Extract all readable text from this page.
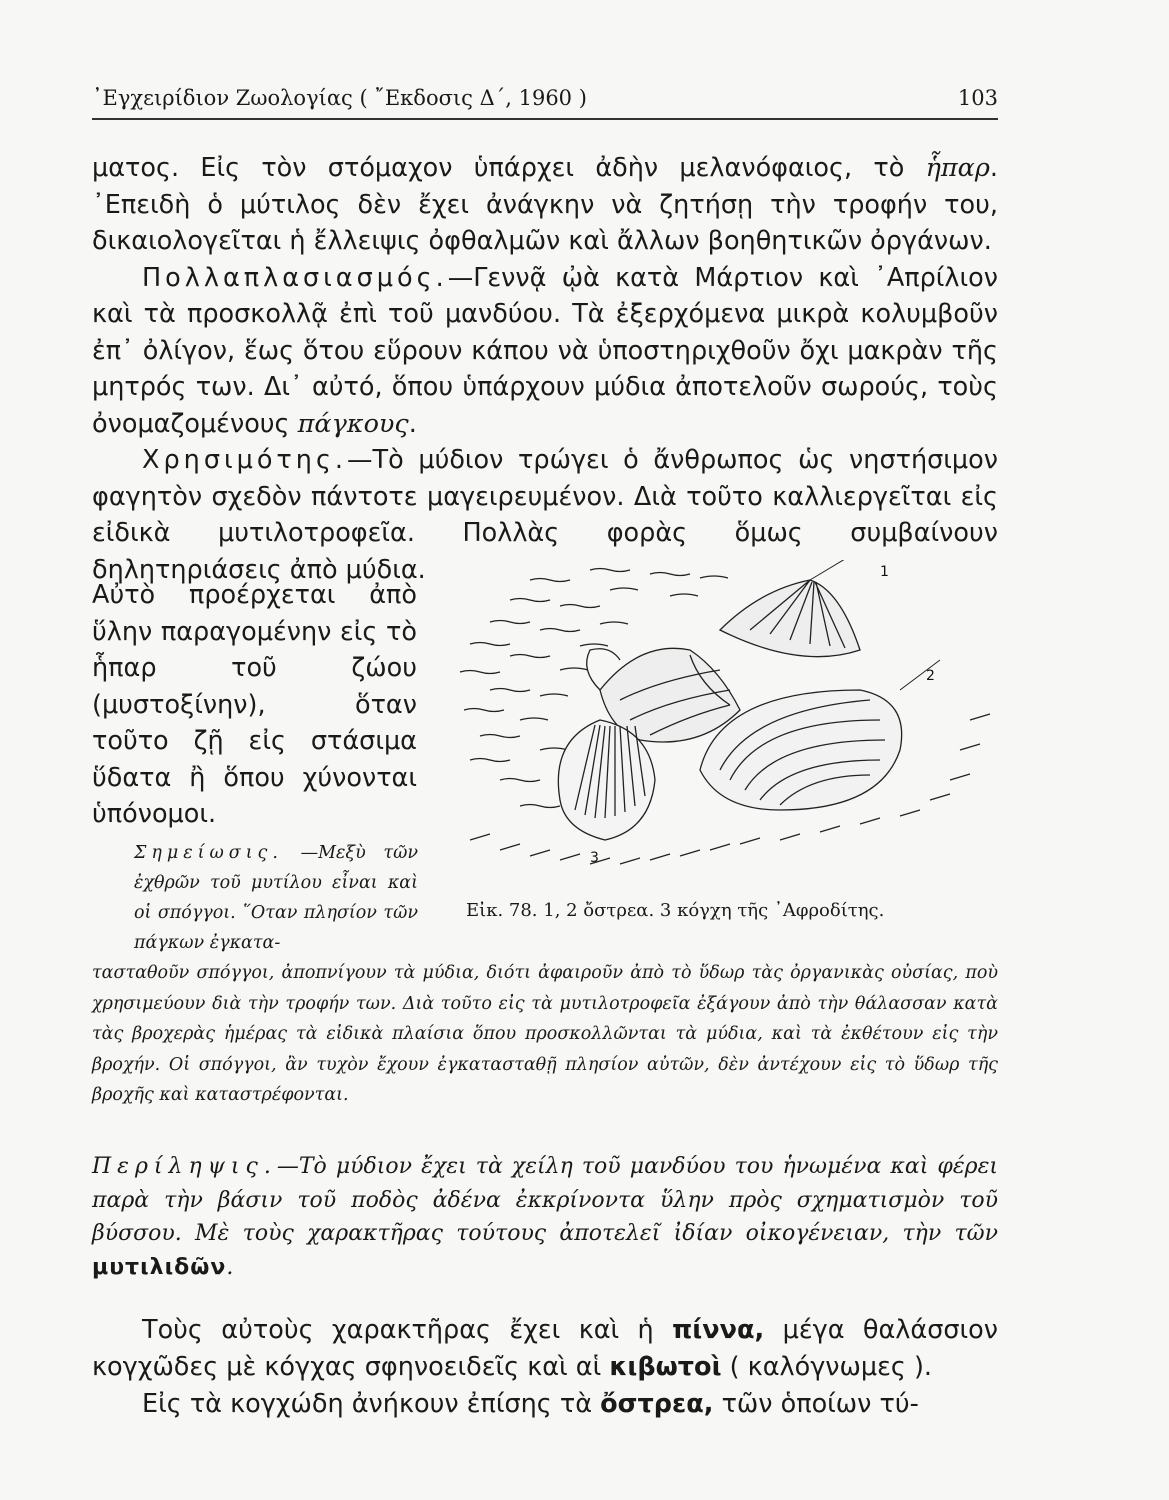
᾿Εγχειρίδιον Ζωολογίας ( ῎Εκδοσις Δ΄, 1960 )	103

ματος. Εἰς τὸν στόμαχον ὑπάρχει ἀδὴν μελανόφαιος, τὸ ἧπαρ. ᾿Επειδὴ ὁ μύτιλος δὲν ἔχει ἀνάγκην νὰ ζητήσῃ τὴν τροφήν του, δικαιολογεῖται ἡ ἔλλειψις ὀφθαλμῶν καὶ ἄλλων βοηθητικῶν ὀργάνων.

Πολλαπλασιασμός.—Γεννᾷ ᾠὰ κατὰ Μάρτιον καὶ ᾿Απρίλιον καὶ τὰ προσκολλᾷ ἐπὶ τοῦ μανδύου. Τὰ ἐξερχόμενα μικρὰ κολυμβοῦν ἐπ᾿ ὀλίγον, ἕως ὅτου εὕρουν κάπου νὰ ὑποστηριχθοῦν ὄχι μακρὰν τῆς μητρός των. Δι᾿ αὐτό, ὅπου ὑπάρχουν μύδια ἀποτελοῦν σωρούς, τοὺς ὀνομαζομένους πάγκους.

Χρησιμότης.—Τὸ μύδιον τρώγει ὁ ἄνθρωπος ὡς νηστήσιμον φαγητὸν σχεδὸν πάντοτε μαγειρευμένον. Διὰ τοῦτο καλλιεργεῖται εἰς εἰδικὰ μυτιλοτροφεῖα. Πολλὰς φορὰς ὅμως συμβαίνουν δηλητηριάσεις ἀπὸ μύδια.

Αὐτὸ προέρχεται ἀπὸ ὕλην παραγομένην εἰς τὸ ἧπαρ τοῦ ζώου (μυστοξίνην), ὅταν τοῦτο ζῇ εἰς στάσιμα ὕδατα ἢ ὅπου χύνονται ὑπόνομοι.

Σημείωσις. —Μεξὺ τῶν ἐχθρῶν τοῦ μυτίλου εἶναι καὶ οἱ σπόγγοι. ῞Οταν πλησίον τῶν πάγκων ἐγκατα-
τασταθοῦν σπόγγοι, ἀποπνίγουν τὰ μύδια, διότι ἀφαιροῦν ἀπὸ τὸ ὕδωρ τὰς ὀργανικὰς οὐσίας, ποὺ χρησιμεύουν διὰ τὴν τροφήν των. Διὰ τοῦτο εἰς τὰ μυτιλοτροφεῖα ἐξάγουν ἀπὸ τὴν θάλασσαν κατὰ τὰς βροχερὰς ἡμέρας τὰ εἰδικὰ πλαίσια ὅπου προσκολλῶνται τὰ μύδια, καὶ τὰ ἐκθέτουν εἰς τὴν βροχήν. Οἱ σπόγγοι, ἂν τυχὸν ἔχουν ἐγκατασταθῇ πλησίον αὐτῶν, δὲν ἀντέχουν εἰς τὸ ὕδωρ τῆς βροχῆς καὶ καταστρέφονται.
1
2
3
Εἰκ. 78. 1, 2 ὄστρεα. 3 κόγχη τῆς ᾿Αφροδίτης.
Περίληψις.—Τὸ μύδιον ἔχει τὰ χείλη τοῦ μανδύου του ἡνωμένα καὶ φέρει παρὰ τὴν βάσιν τοῦ ποδὸς ἀδένα ἐκκρίνοντα ὕλην πρὸς σχηματισμὸν τοῦ βύσσου. Μὲ τοὺς χαρακτῆρας τούτους ἀποτελεῖ ἰδίαν οἰκογένειαν, τὴν τῶν μυτιλιδῶν.

Τοὺς αὐτοὺς χαρακτῆρας ἔχει καὶ ἡ πίννα, μέγα θαλάσσιον κογχῶδες μὲ κόγχας σφηνοειδεῖς καὶ αἱ κιβωτοὶ ( καλόγνωμες ).

Εἰς τὰ κογχώδη ἀνήκουν ἐπίσης τὰ ὄστρεα, τῶν ὁποίων τύ-
